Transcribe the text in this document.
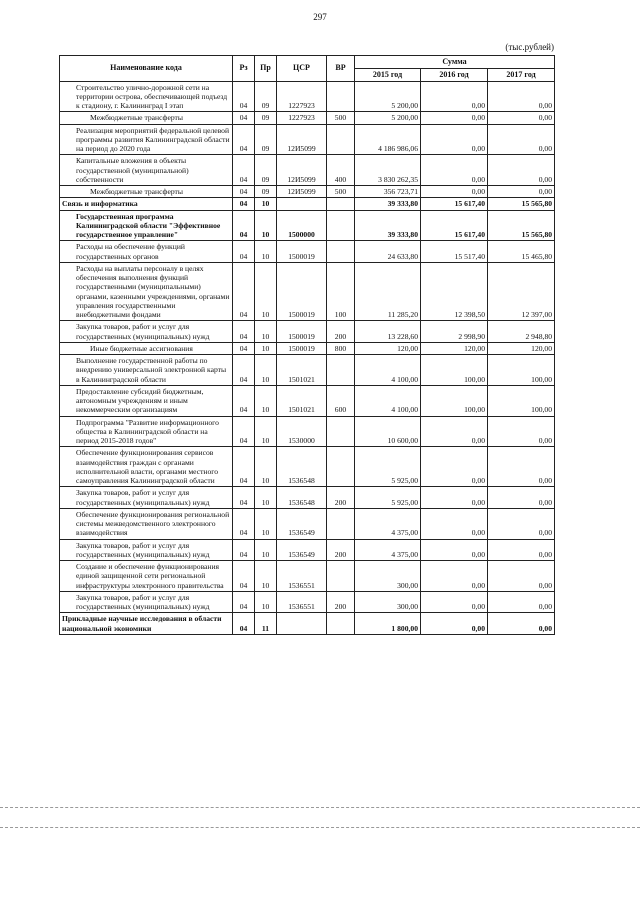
297
(тыс.рублей)
Наименование кода	Рз	Пр	ЦСР	ВР	Сумма		
					2015 год	2016 год	2017 год
Строительство улично-дорожной сети на территории острова, обеспечивающей подъезд к стадиону, г. Калининград I этап	04	09	1227923		5 200,00	0,00	0,00
Межбюджетные трансферты	04	09	1227923	500	5 200,00	0,00	0,00
Реализация мероприятий федеральной целевой программы развития Калининградской области на период до 2020 года	04	09	12И5099		4 186 986,06	0,00	0,00
Капитальные вложения в объекты государственной (муниципальной) собственности	04	09	12И5099	400	3 830 262,35	0,00	0,00
Межбюджетные трансферты	04	09	12И5099	500	356 723,71	0,00	0,00
Связь и информатика	04	10			39 333,80	15 617,40	15 565,80
Государственная программа Калининградской области "Эффективное государственное управление"	04	10	1500000		39 333,80	15 617,40	15 565,80
Расходы на обеспечение функций государственных органов	04	10	1500019		24 633,80	15 517,40	15 465,80
Расходы на выплаты персоналу в целях обеспечения выполнения функций государственными (муниципальными) органами, казенными учреждениями, органами управления государственными внебюджетными фондами	04	10	1500019	100	11 285,20	12 398,50	12 397,00
Закупка товаров, работ и услуг для государственных (муниципальных) нужд	04	10	1500019	200	13 228,60	2 998,90	2 948,80
Иные бюджетные ассигнования	04	10	1500019	800	120,00	120,00	120,00
Выполнение государственной работы по внедрению универсальной электронной карты в Калининградской области	04	10	1501021		4 100,00	100,00	100,00
Предоставление субсидий бюджетным, автономным учреждениям и иным некоммерческим организациям	04	10	1501021	600	4 100,00	100,00	100,00
Подпрограмма "Развитие информационного общества в Калининградской области на период 2015-2018 годов"	04	10	1530000		10 600,00	0,00	0,00
Обеспечение функционирования сервисов взаимодействия граждан с органами исполнительной власти, органами местного самоуправления Калининградской области	04	10	1536548		5 925,00	0,00	0,00
Закупка товаров, работ и услуг для государственных (муниципальных) нужд	04	10	1536548	200	5 925,00	0,00	0,00
Обеспечение функционирования региональной системы межведомственного электронного взаимодействия	04	10	1536549		4 375,00	0,00	0,00
Закупка товаров, работ и услуг для государственных (муниципальных) нужд	04	10	1536549	200	4 375,00	0,00	0,00
Создание и обеспечение функционирования единой защищенной сети региональной инфраструктуры электронного правительства	04	10	1536551		300,00	0,00	0,00
Закупка товаров, работ и услуг для государственных (муниципальных) нужд	04	10	1536551	200	300,00	0,00	0,00
Прикладные научные исследования в области национальной экономики	04	11			1 800,00	0,00	0,00
